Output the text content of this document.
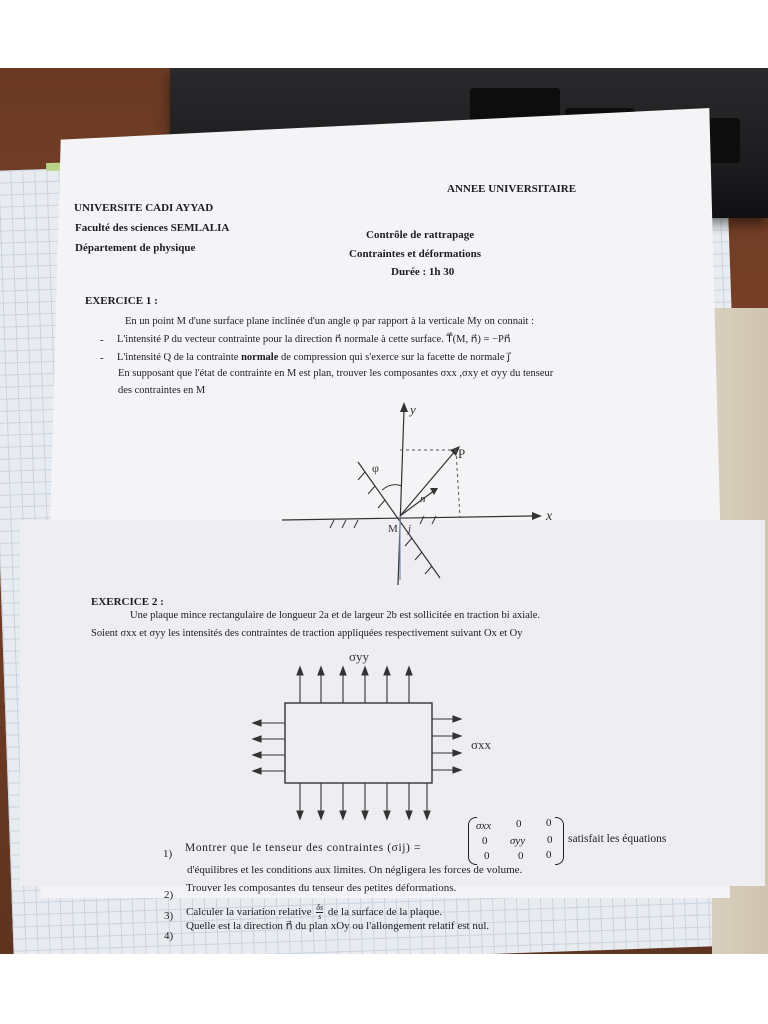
UNIVERSITE CADI AYYAD
Faculté des sciences SEMLALIA
Département de physique
ANNEE UNIVERSITAIRE
Contrôle de rattrapage
Contraintes et déformations
Durée : 1h 30
EXERCICE 1 :
En un point M d'une surface plane inclinée d'un angle φ par rapport à la verticale My on connait :
- L'intensité P du vecteur contrainte pour la direction n⃗ normale à cette surface. T⃗(M, n⃗) = −Pn⃗
- L'intensité Q de la contrainte normale de compression qui s'exerce sur la facette de normale j⃗
En supposant que l'état de contrainte en M est plan, trouver les composantes σxx ,σxy et σyy du tenseur
des contraintes en M
y
x
P
n
φ
M j
EXERCICE 2 :
Une plaque mince rectangulaire de longueur 2a et de largeur 2b est sollicitée en traction bi axiale.
Soient σxx et σyy les intensités des contraintes de traction appliquées respectivement suivant Ox et Oy
σyy
σxx
1) Montrer que le tenseur des contraintes (σij) =
σxx 0 0
0 σyy 0
0	0 0
satisfait les équations
d'équilibres et les conditions aux limites. On négligera les forces de volume.
2)
Trouver les composantes du tenseur des petites déformations.
3) Calculer la variation relative $\frac{\delta s}{s}$ de la surface de la plaque.
4)
Quelle est la direction n⃗ du plan xOy ou l'allongement relatif est nul.
